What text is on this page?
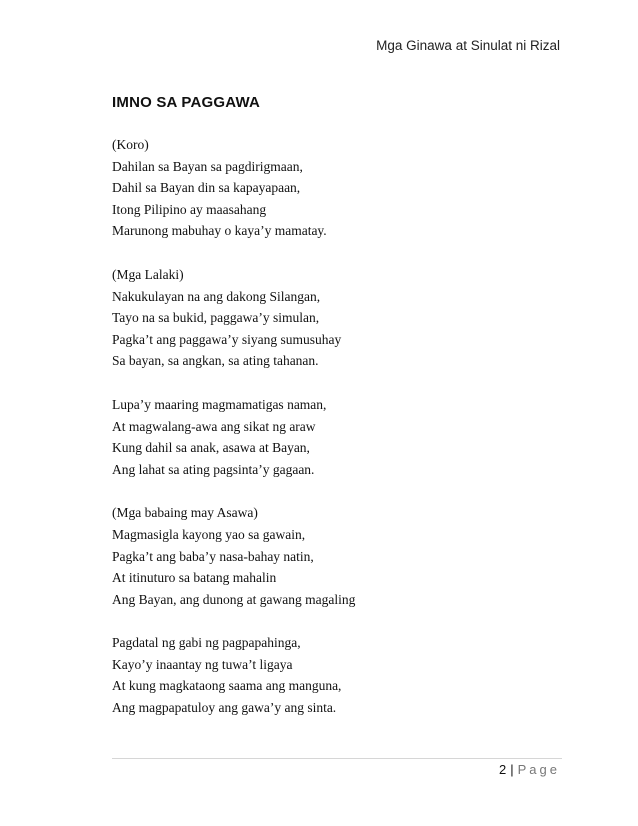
Mga Ginawa at Sinulat ni Rizal
IMNO SA PAGGAWA
(Koro)
Dahilan sa Bayan sa pagdirigmaan,
Dahil sa Bayan din sa kapayapaan,
Itong Pilipino ay maasahang
Marunong mabuhay o kaya’y mamatay.
(Mga Lalaki)
Nakukulayan na ang dakong Silangan,
Tayo na sa bukid, paggawa’y simulan,
Pagka’t ang paggawa’y siyang sumusuhay
Sa bayan, sa angkan, sa ating tahanan.
Lupa’y maaring magmamatigas naman,
At magwalang-awa ang sikat ng araw
Kung dahil sa anak, asawa at Bayan,
Ang lahat sa ating pagsinta’y gagaan.
(Mga babaing may Asawa)
Magmasigla kayong yao sa gawain,
Pagka’t ang baba’y nasa-bahay natin,
At itinuturo sa batang mahalin
Ang Bayan, ang dunong at gawang magaling
Pagdatal ng gabi ng pagpapahinga,
Kayo’y inaantay ng tuwa’t ligaya
At kung magkataong saama ang manguna,
Ang magpapatuloy ang gawa’y ang sinta.
2 | Page
